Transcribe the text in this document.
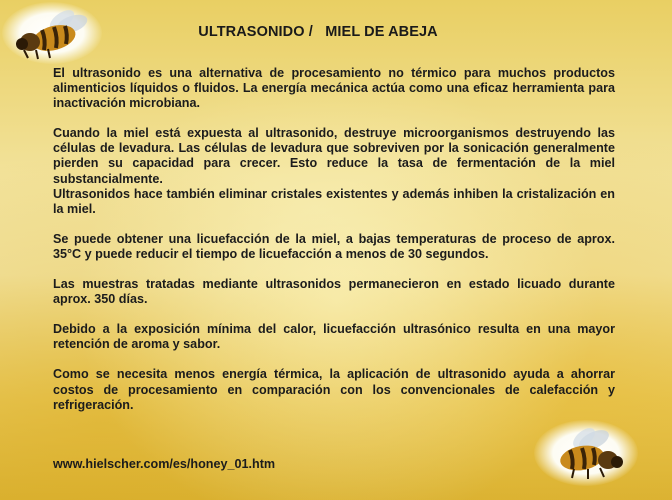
ULTRASONIDO /   MIEL DE ABEJA

El ultrasonido es una alternativa de procesamiento no térmico para muchos productos alimenticios líquidos o fluidos. La energía mecánica actúa como una eficaz herramienta para inactivación microbiana.

Cuando la miel está expuesta al ultrasonido, destruye microorganismos destruyendo las células de levadura. Las células de levadura que sobreviven por la sonicación generalmente pierden su capacidad para crecer. Esto reduce la tasa de fermentación de la miel substancialmente.

Ultrasonidos hace también eliminar cristales existentes y además inhiben la cristalización en la miel.

Se puede obtener una licuefacción de la miel, a bajas temperaturas de proceso de aprox. 35°C y puede reducir el tiempo de licuefacción a menos de 30 segundos.

Las muestras tratadas mediante ultrasonidos permanecieron en estado licuado durante aprox. 350 días.

Debido a la exposición mínima del calor, licuefacción ultrasónico resulta en una mayor retención de aroma y sabor.

Como se necesita menos energía térmica, la aplicación de ultrasonido ayuda a ahorrar costos de procesamiento en comparación con los convencionales de calefacción y refrigeración.

www.hielscher.com/es/honey_01.htm
